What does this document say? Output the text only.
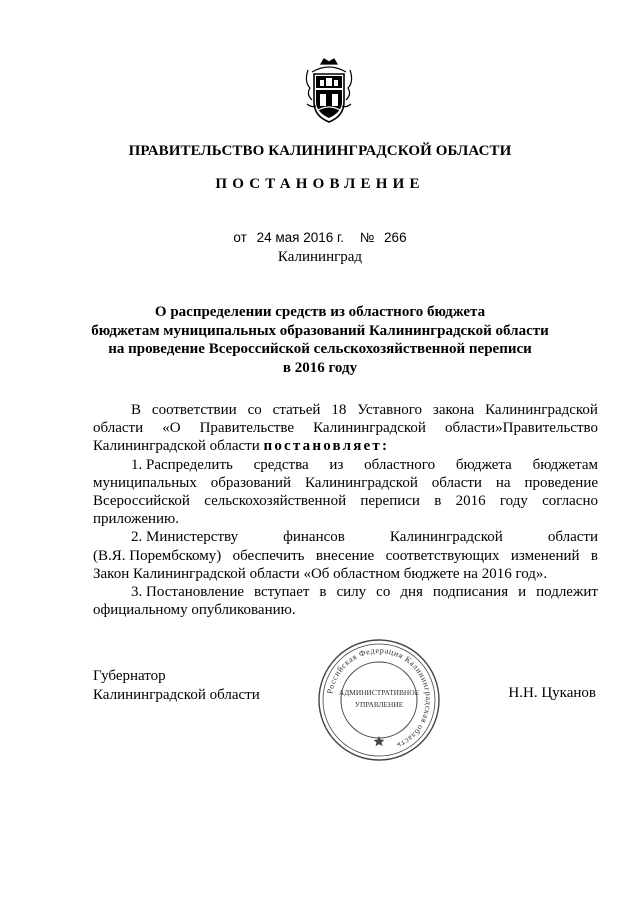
ПРАВИТЕЛЬСТВО КАЛИНИНГРАДСКОЙ ОБЛАСТИ
ПОСТАНОВЛЕНИЕ
от 24 мая 2016 г. № 266
Калининград
О распределении средств из областного бюджета
бюджетам муниципальных образований Калининградской области
на проведение Всероссийской сельскохозяйственной переписи
в 2016 году
В соответствии со статьей 18 Уставного закона Калининградской
области «О Правительстве Калининградской области»Правительство
Калининградской области постановляет:
1. Распределить средства из областного бюджета бюджетам
муниципальных образований Калининградской области на проведение
Всероссийской сельскохозяйственной переписи в 2016 году согласно
приложению.
2. Министерству	финансов	Калининградской	области
(В.Я. Порембскому) обеспечить внесение соответствующих изменений в
Закон Калининградской области «Об областном бюджете на 2016 год».
3. Постановление вступает в силу со дня подписания и подлежит
официальному опубликованию.
Губернатор
Калининградской области	Н.Н. Цуканов
Российская Федерация Калининградская область
АДМИНИСТРАТИВНОЕ
УПРАВЛЕНИЕ
